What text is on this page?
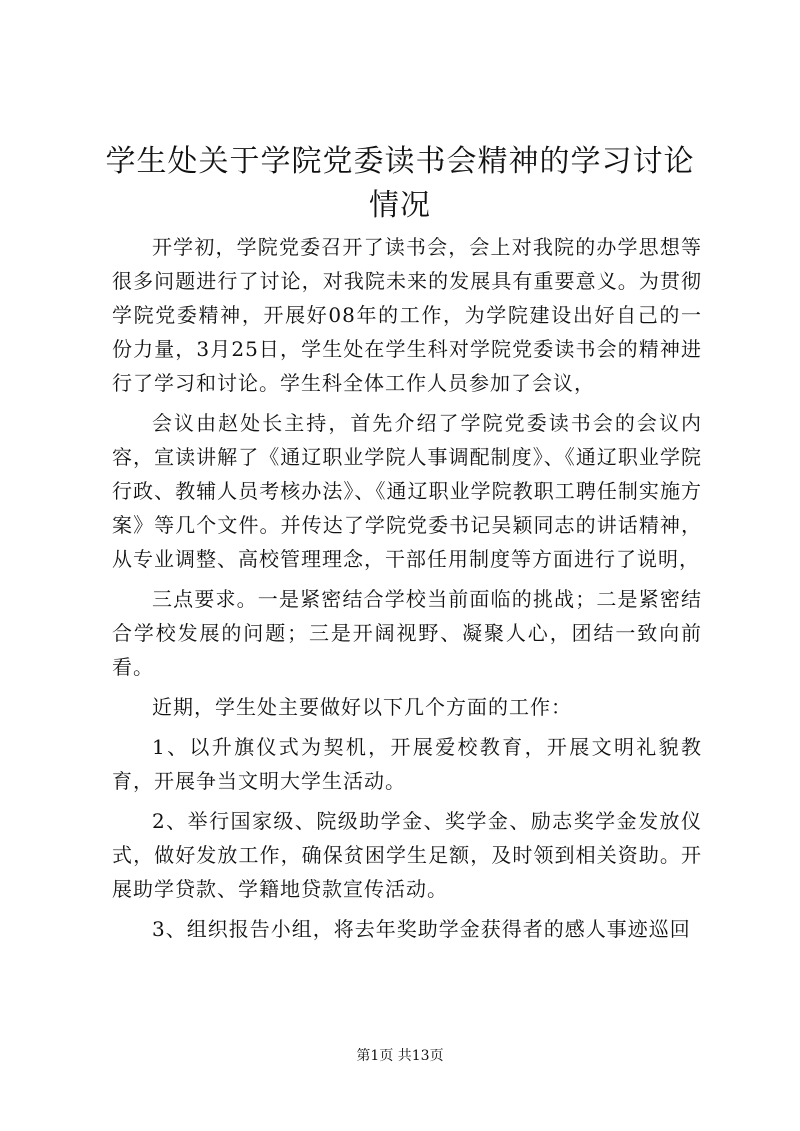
学生处关于学院党委读书会精神的学习讨论情况

开学初，学院党委召开了读书会，会上对我院的办学思想等很多问题进行了讨论，对我院未来的发展具有重要意义。为贯彻学院党委精神，开展好08年的工作，为学院建设出好自己的一份力量，3月25日，学生处在学生科对学院党委读书会的精神进行了学习和讨论。学生科全体工作人员参加了会议，

会议由赵处长主持，首先介绍了学院党委读书会的会议内容，宣读讲解了《通辽职业学院人事调配制度》、《通辽职业学院行政、教辅人员考核办法》、《通辽职业学院教职工聘任制实施方案》等几个文件。并传达了学院党委书记吴颖同志的讲话精神，从专业调整、高校管理理念，干部任用制度等方面进行了说明，

三点要求。一是紧密结合学校当前面临的挑战；二是紧密结合学校发展的问题；三是开阔视野、凝聚人心，团结一致向前看。

近期，学生处主要做好以下几个方面的工作：

1、以升旗仪式为契机，开展爱校教育，开展文明礼貌教育，开展争当文明大学生活动。

2、举行国家级、院级助学金、奖学金、励志奖学金发放仪式，做好发放工作，确保贫困学生足额，及时领到相关资助。开展助学贷款、学籍地贷款宣传活动。

3、组织报告小组，将去年奖助学金获得者的感人事迹巡回

第1页 共13页
